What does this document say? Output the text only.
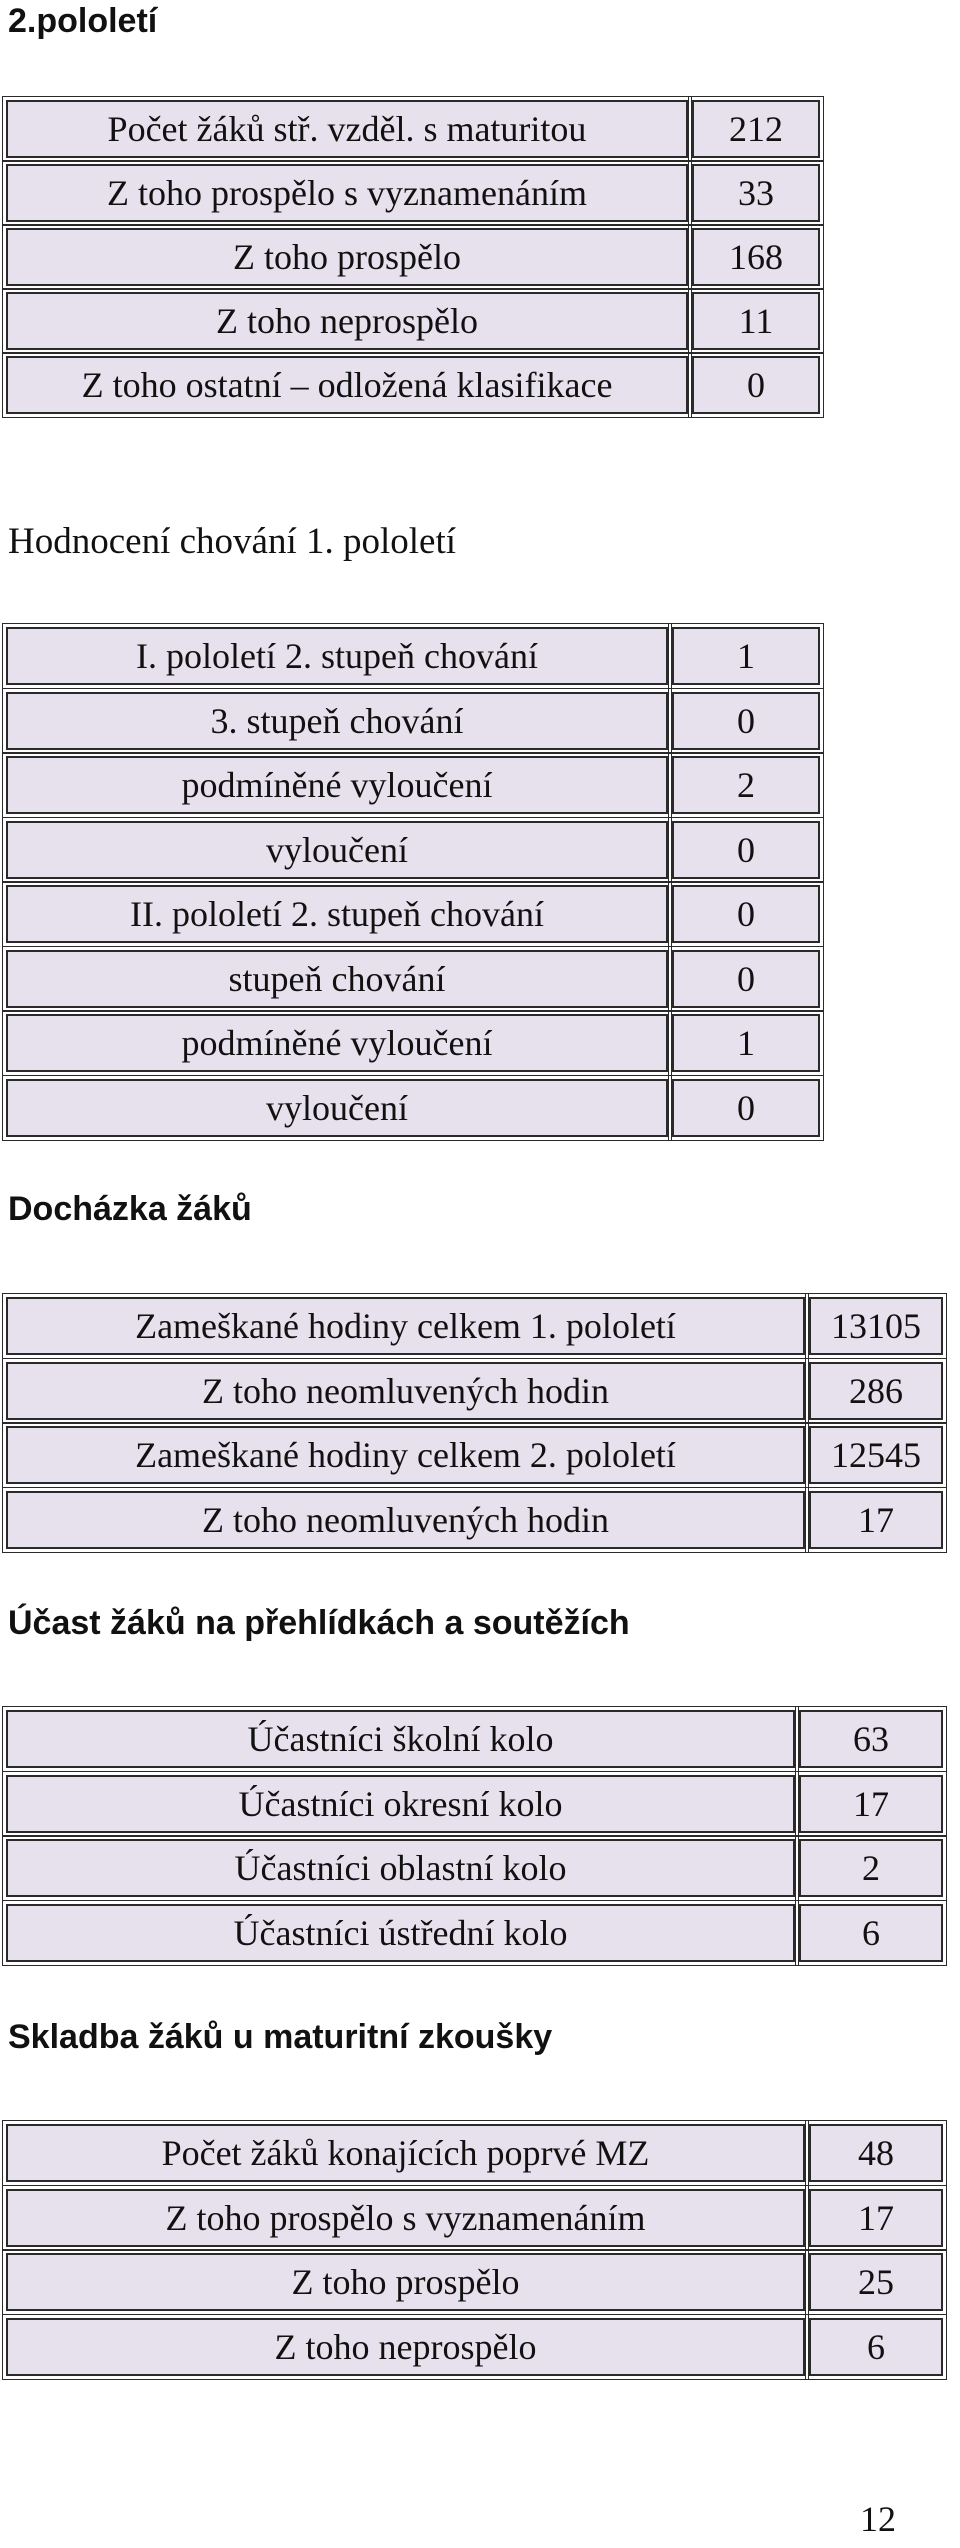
2.pololetí
Počet žáků stř. vzděl. s maturitou	212
Z toho prospělo s vyznamenáním	33
Z toho prospělo	168
Z toho neprospělo	11
Z toho ostatní – odložená klasifikace	0
Hodnocení chování 1. pololetí
I. pololetí 2. stupeň chování	1
3. stupeň chování	0
podmíněné vyloučení	2
vyloučení	0
II. pololetí 2. stupeň chování	0
stupeň chování	0
podmíněné vyloučení	1
vyloučení	0
Docházka žáků
Zameškané hodiny celkem 1. pololetí	13105
Z toho neomluvených hodin	286
Zameškané hodiny celkem 2. pololetí	12545
Z toho neomluvených hodin	17
Účast žáků na přehlídkách a soutěžích
Účastníci školní kolo	63
Účastníci okresní kolo	17
Účastníci oblastní kolo	2
Účastníci ústřední kolo	6
Skladba žáků u maturitní zkoušky
Počet žáků konajících poprvé MZ	48
Z toho prospělo s vyznamenáním	17
Z toho prospělo	25
Z toho neprospělo	6
12
